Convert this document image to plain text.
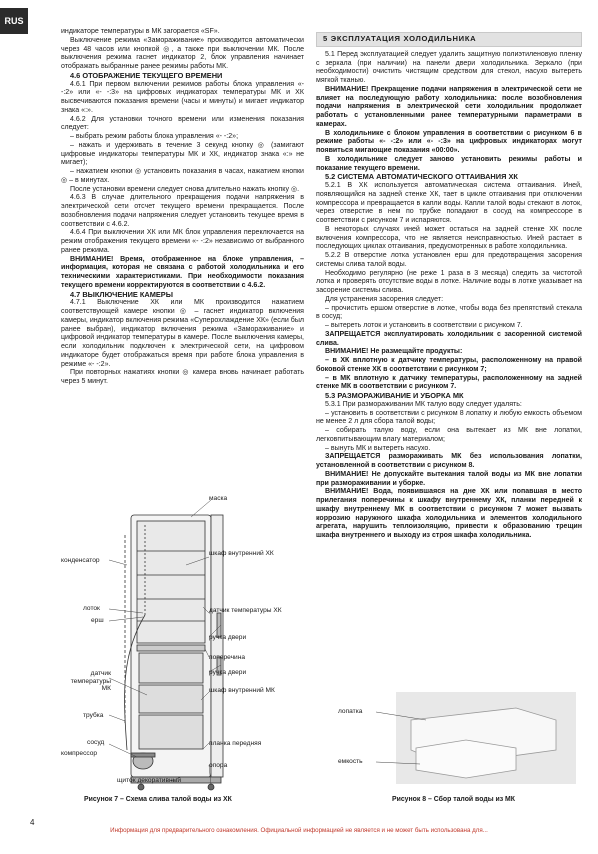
RUS

индикаторе температуры в МК загорается «SF».

Выключение режима «Замораживание» производится автоматически через 48 часов или кнопкой ◎, а также при выключении МК. После выключения режима гаснет индикатор 2, блок управления начинает отображать выбранные ранее режимы работы МК.

4.6 ОТОБРАЖЕНИЕ ТЕКУЩЕГО ВРЕМЕНИ

4.6.1 При первом включении режимов работы блока управления «- -:2» или «- -:3» на цифровых индикаторах температуры МК и ХК высвечиваются показания времени (часы и минуты) и мигает индикатор знака «:».

4.6.2 Для установки точного времени или изменения показания следует:

– выбрать режим работы блока управления «- -:2»;

– нажать и удерживать в течение 3 секунд кнопку ◎ (замигают цифровые индикаторы температуры МК и ХК, индикатор знака «:» не мигает);

– нажатием кнопки ◎ установить показания в часах, нажатием кнопки ◎ – в минутах.

После установки времени следует снова длительно нажать кнопку ◎.

4.6.3 В случае длительного прекращения подачи напряжения в электрической сети отсчет текущего времени прекращается. После возобновления подачи напряжения следует установить текущее время в соответствии с 4.6.2.

4.6.4 При выключении ХК или МК блок управления переключается на режим отображения текущего времени «- -:2» независимо от выбранного ранее режима.

ВНИМАНИЕ! Время, отображенное на блоке управления, – информация, которая не связана с работой холодильника и его техническими характеристиками. При необходимости показания текущего времени корректируются в соответствии с 4.6.2.

4.7 ВЫКЛЮЧЕНИЕ КАМЕРЫ

4.7.1 Выключение ХК или МК производится нажатием соответствующей камере кнопки ◎ – гаснет индикатор включения камеры, индикатор включения режима «Суперохлаждение ХК» (если был ранее выбран), индикатор включения режима «Замораживание» и цифровой индикатор температуры в камере. После выключения камеры, если холодильник подключен к электрической сети, на цифровом индикаторе будет отображаться время при работе блока управления в режиме «- -:2».

При повторных нажатиях кнопки ◎ камера вновь начинает работать через 5 минут.

5 ЭКСПЛУАТАЦИЯ ХОЛОДИЛЬНИКА

5.1 Перед эксплуатацией следует удалить защитную полиэтиленовую пленку с зеркала (при наличии) на панели двери холодильника. Зеркало (при необходимости) очистить чистящим средством для стекол, насухо вытереть мягкой тканью.

ВНИМАНИЕ! Прекращение подачи напряжения в электрической сети не влияет на последующую работу холодильника: после возобновления подачи напряжения в электрической сети холодильник продолжает работать с установленными ранее температурными параметрами в камерах.

В холодильнике с блоком управления в соответствии с рисунком 6 в режиме работы «- -:2» или «- -:3» на цифровых индикаторах могут появиться мигающие показания «00:00».

В холодильнике следует заново установить режимы работы и показание текущего времени.

5.2 СИСТЕМА АВТОМАТИЧЕСКОГО ОТТАИВАНИЯ ХК

5.2.1 В ХК используется автоматическая система оттаивания. Иней, появляющийся на задней стенке ХК, тает в цикле отгаивания при отключении компрессора и превращается в капли воды. Капли талой воды стекают в лоток, через отверстие в нем по трубке попадают в сосуд на компрессоре в соответствии с рисунком 7 и испаряются.

В некоторых случаях иней может остаться на задней стенке ХК после включения компрессора, что не является неисправностью. Иней растает в последующих циклах отгаивания, предусмотренных в работе холодильника.

5.2.2 В отверстие лотка установлен ерш для предотвращения засорения системы слива талой воды.

Необходимо регулярно (не реже 1 раза в 3 месяца) следить за чистотой лотка и проверять отсутствие воды в лотке. Наличие воды в лотке указывает на засорение системы слива.

Для устранения засорения следует:

– прочистить ершом отверстие в лотке, чтобы вода без препятствий стекала в сосуд;

– вытереть лоток и установить в соответствии с рисунком 7.

ЗАПРЕЩАЕТСЯ эксплуатировать холодильник с засоренной системой слива.

ВНИМАНИЕ! Не размещайте продукты:

– в ХК вплотную к датчику температуры, расположенному на правой боковой стенке ХК в соответствии с рисунком 7;

– в МК вплотную к датчику температуры, расположенному на задней стенке МК в соответствии с рисунком 7.

5.3 РАЗМОРАЖИВАНИЕ И УБОРКА МК

5.3.1 При размораживании МК талую воду следует удалять:

– установить в соответствии с рисунком 8 лопатку и любую емкость объемом не менее 2 л для сбора талой воды;

– собирать талую воду, если она вытекает из МК вне лопатки, легковпитывающим влагу материалом;

– вынуть МК и вытереть насухо.

ЗАПРЕЩАЕТСЯ размораживать МК без использования лопатки, установленной в соответствии с рисунком 8.

ВНИМАНИЕ! Не допускайте вытекания талой воды из МК вне лопатки при размораживании и уборке.

ВНИМАНИЕ! Вода, появившаяся на дне ХК или попавшая в место прилегания поперечины к шкафу внутреннему ХК, планки передней к шкафу внутреннему МК в соответствии с рисунком 7 может вызвать коррозию наружного шкафа холодильника и элементов холодильного агрегата, нарушить теплоизоляцию, привести к образованию трещин шкафа внутреннего и выходу из строя шкафа холодильника.

маска
конденсатор
шкаф внутренний ХК
лоток
ерш
датчик температуры ХК
ручка двери
поперечина
ручка двери
датчик температуры МК	шкаф внутренний МК
трубка
сосуд
компрессор
планка передняя
опора
щиток декоративный
Рисунок 7 – Схема слива талой воды из ХК
лопатка
емкость
Рисунок 8 – Сбор талой воды из МК
4
Информация для предварительного ознакомления. Официальной информацией не является и не может быть использована для...
